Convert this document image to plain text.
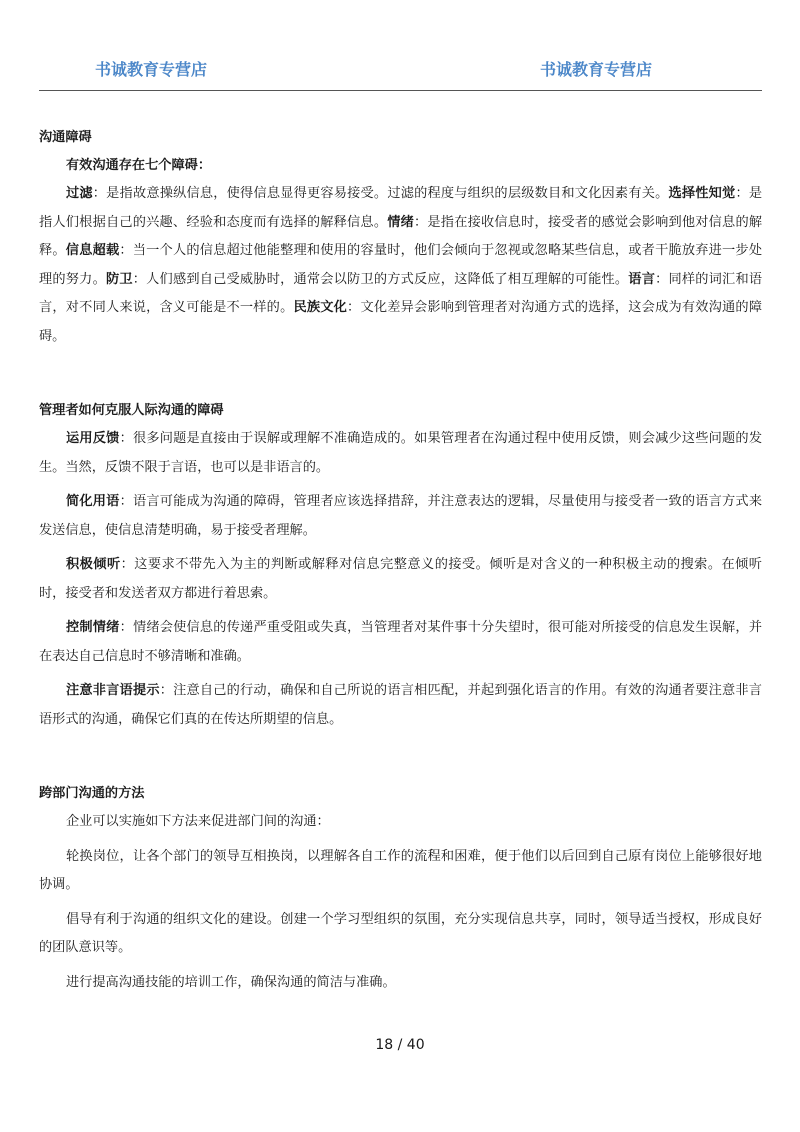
书诚教育专营店	书诚教育专营店

沟通障碍

有效沟通存在七个障碍：

过滤：是指故意操纵信息，使得信息显得更容易接受。过滤的程度与组织的层级数目和文化因素有关。选择性知觉：是指人们根据自己的兴趣、经验和态度而有选择的解释信息。情绪：是指在接收信息时，接受者的感觉会影响到他对信息的解释。信息超载：当一个人的信息超过他能整理和使用的容量时，他们会倾向于忽视或忽略某些信息，或者干脆放弃进一步处理的努力。防卫：人们感到自己受威胁时，通常会以防卫的方式反应，这降低了相互理解的可能性。语言：同样的词汇和语言，对不同人来说，含义可能是不一样的。民族文化：文化差异会影响到管理者对沟通方式的选择，这会成为有效沟通的障碍。

管理者如何克服人际沟通的障碍

运用反馈：很多问题是直接由于误解或理解不准确造成的。如果管理者在沟通过程中使用反馈，则会减少这些问题的发生。当然，反馈不限于言语，也可以是非语言的。

简化用语：语言可能成为沟通的障碍，管理者应该选择措辞，并注意表达的逻辑，尽量使用与接受者一致的语言方式来发送信息，使信息清楚明确，易于接受者理解。

积极倾听：这要求不带先入为主的判断或解释对信息完整意义的接受。倾听是对含义的一种积极主动的搜索。在倾听时，接受者和发送者双方都进行着思索。

控制情绪：情绪会使信息的传递严重受阻或失真，当管理者对某件事十分失望时，很可能对所接受的信息发生误解，并在表达自己信息时不够清晰和准确。

注意非言语提示：注意自己的行动，确保和自己所说的语言相匹配，并起到强化语言的作用。有效的沟通者要注意非言语形式的沟通，确保它们真的在传达所期望的信息。

跨部门沟通的方法

企业可以实施如下方法来促进部门间的沟通：

轮换岗位，让各个部门的领导互相换岗，以理解各自工作的流程和困难，便于他们以后回到自己原有岗位上能够很好地协调。

倡导有利于沟通的组织文化的建设。创建一个学习型组织的氛围，充分实现信息共享，同时，领导适当授权，形成良好的团队意识等。

进行提高沟通技能的培训工作，确保沟通的简洁与准确。

18 / 40
